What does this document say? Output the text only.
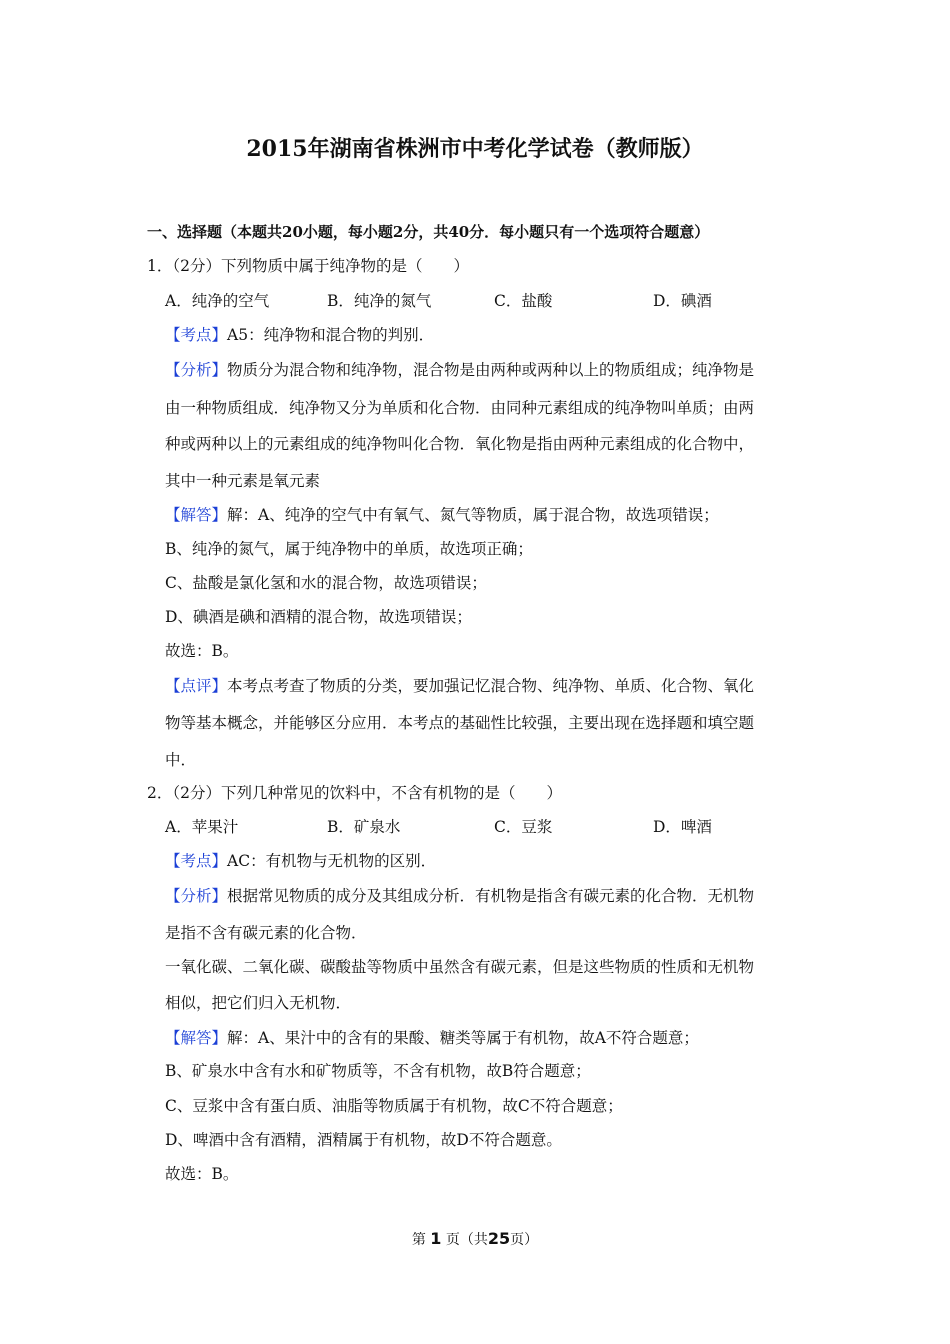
2015年湖南省株洲市中考化学试卷（教师版）
一、选择题（本题共20小题，每小题2分，共40分．每小题只有一个选项符合题意）
1．（2分）下列物质中属于纯净物的是（　　）
A．纯净的空气	B．纯净的氮气	C．盐酸	D．碘酒
【考点】A5：纯净物和混合物的判别．
【分析】物质分为混合物和纯净物，混合物是由两种或两种以上的物质组成；纯净物是
由一种物质组成．纯净物又分为单质和化合物．由同种元素组成的纯净物叫单质；由两
种或两种以上的元素组成的纯净物叫化合物．氧化物是指由两种元素组成的化合物中，
其中一种元素是氧元素
【解答】解：A、纯净的空气中有氧气、氮气等物质，属于混合物，故选项错误；
B、纯净的氮气，属于纯净物中的单质，故选项正确；
C、盐酸是氯化氢和水的混合物，故选项错误；
D、碘酒是碘和酒精的混合物，故选项错误；
故选：B。
【点评】本考点考查了物质的分类，要加强记忆混合物、纯净物、单质、化合物、氧化
物等基本概念，并能够区分应用．本考点的基础性比较强，主要出现在选择题和填空题
中．
2．（2分）下列几种常见的饮料中，不含有机物的是（　　）
A．苹果汁	B．矿泉水	C．豆浆	D．啤酒
【考点】AC：有机物与无机物的区别．
【分析】根据常见物质的成分及其组成分析．有机物是指含有碳元素的化合物．无机物
是指不含有碳元素的化合物．
一氧化碳、二氧化碳、碳酸盐等物质中虽然含有碳元素，但是这些物质的性质和无机物
相似，把它们归入无机物．
【解答】解：A、果汁中的含有的果酸、糖类等属于有机物，故A不符合题意；
B、矿泉水中含有水和矿物质等，不含有机物，故B符合题意；
C、豆浆中含有蛋白质、油脂等物质属于有机物，故C不符合题意；
D、啤酒中含有酒精，酒精属于有机物，故D不符合题意。
故选：B。
第 1 页（共25页）
